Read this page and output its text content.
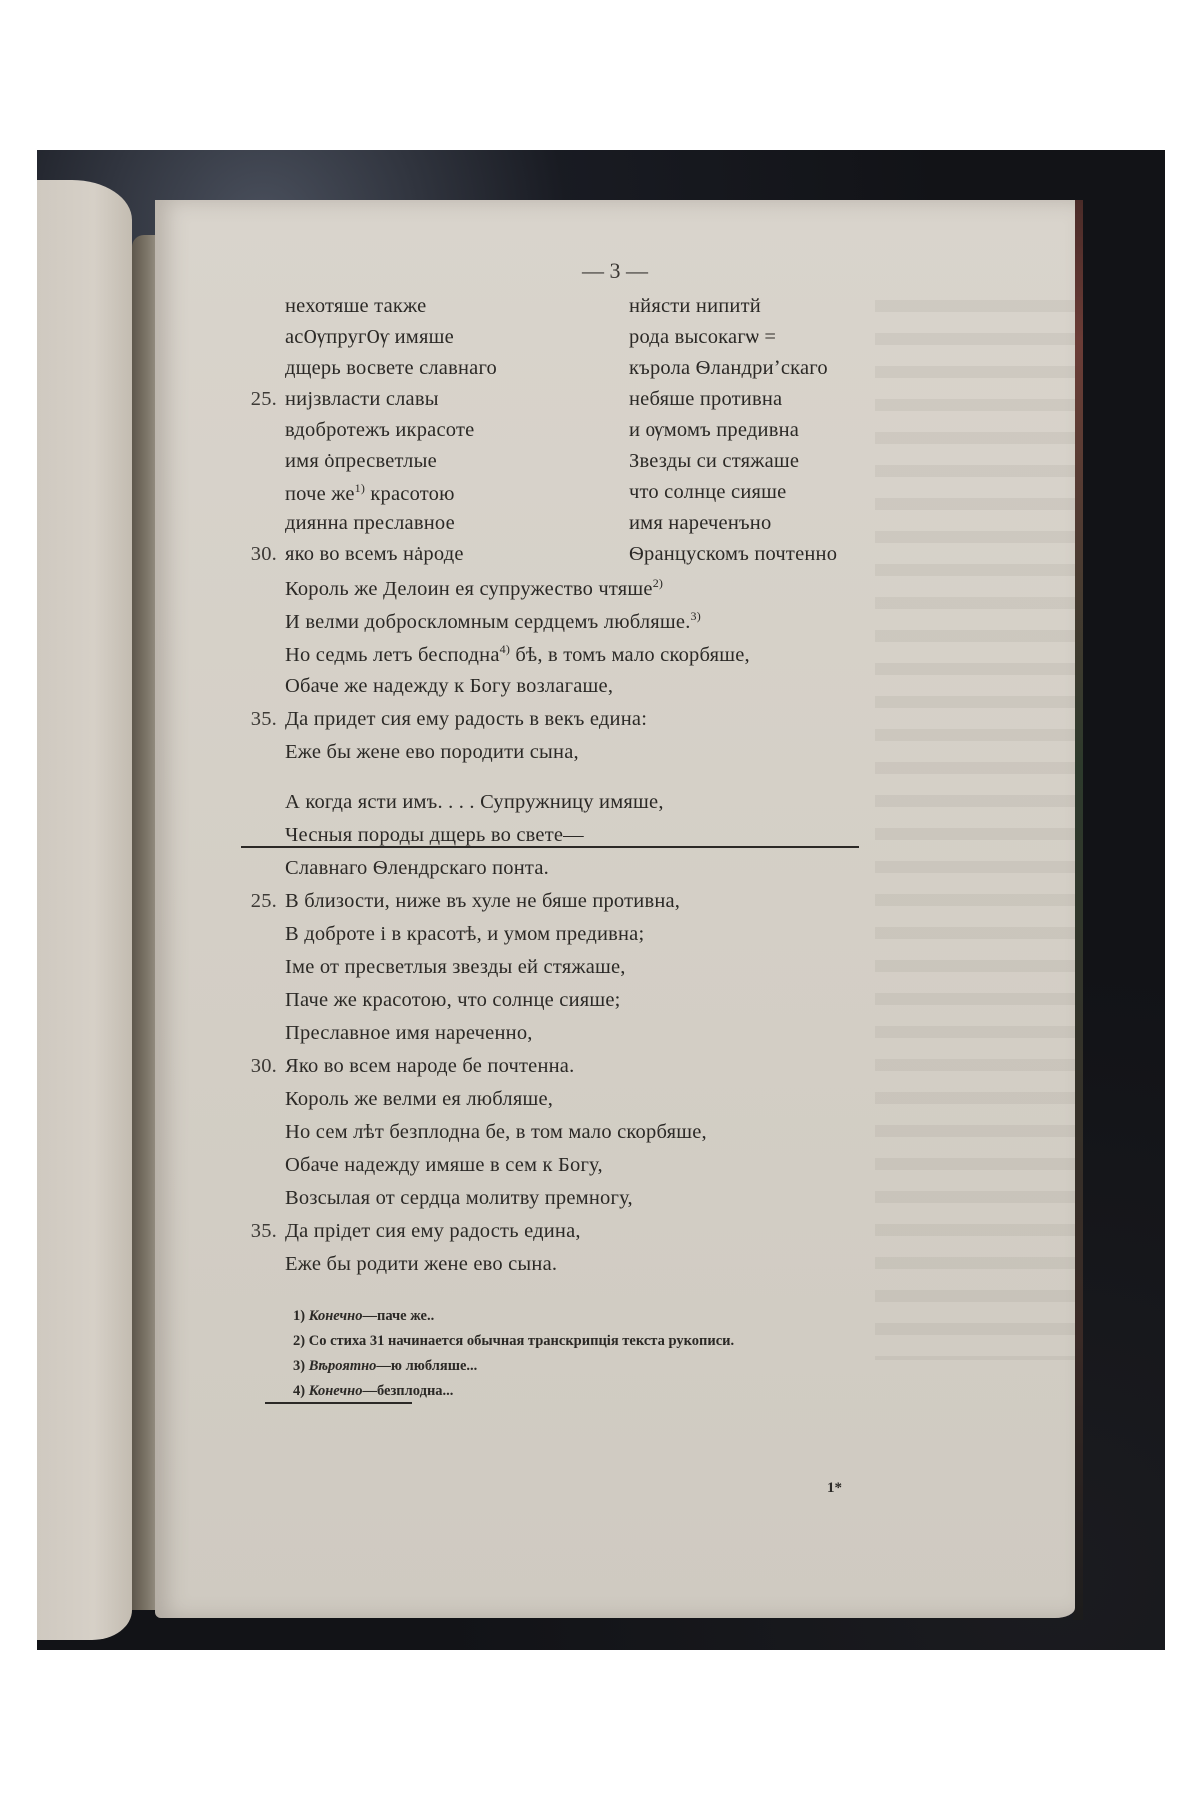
— 3 —
нехотяше также	нйясти нипитй
асѸпругѸ имяше	рода высокагѡ =
дщерь восвете славнаго	кърола Ѳландриʼскаго
25. нијзвласти славы	небяше противна
вдобротежъ икрасоте	и ѹмомъ предивна
имя ȯпресветлые	Звезды си стяжаше
поче $же^{1)}$ красотою	что солнце сияше
диянна преславное	имя нареченъно
30. яко во всемъ нȧроде	Ѳранцускомъ почтенно
Король же Делоин ея супружество чтяше$^{2)}$
И велми доброскломным сердцемъ любляше.$^{3)}$
Но седмь летъ бесподна$^{4)}$ бѣ, в томъ мало скорбяше,
Обаче же надежду к Богу возлагаше,
35. Да придет сия ему радость в векъ едина:
Еже бы жене ево породити сына,
А когда ясти имъ. . . . Супружницу имяше,
Чесныя породы дщерь во свете—
Славнаго Ѳлендрскаго понта.
25. В близости, ниже въ хуле не бяше противна,
В доброте і в красотѣ, и умом предивна;
Іме от пресветлыя звезды ей стяжаше,
Паче же красотою, что солнце сияше;
Преславное имя нареченно,
30. Яко во всем народе бе почтенна.
Король же велми ея любляше,
Но сем лѣт безплодна бе, в том мало скорбяше,
Обаче надежду имяше в сем к Богу,
Возсылая от сердца молитву премногу,
35. Да прідет сия ему радость едина,
Еже бы родити жене ево сына.
1) Конечно—паче же..
2) Со стиха 31 начинается обычная транскрипція текста рукописи.
3) Вѣроятно—ю любляше...
4) Конечно—безплодна...
1*
